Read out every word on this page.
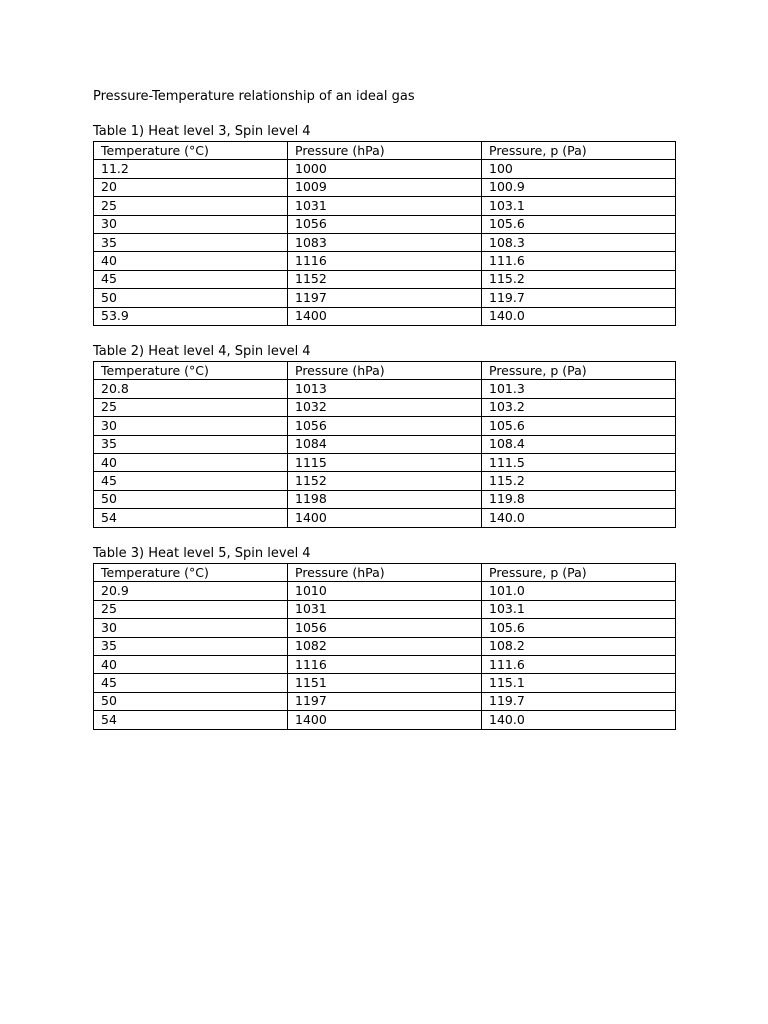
Pressure-Temperature relationship of an ideal gas
Table 1) Heat level 3, Spin level 4
Temperature (°C)	Pressure (hPa)	Pressure, p (Pa)
11.2	1000	100
20	1009	100.9
25	1031	103.1
30	1056	105.6
35	1083	108.3
40	1116	111.6
45	1152	115.2
50	1197	119.7
53.9	1400	140.0
Table 2) Heat level 4, Spin level 4
Temperature (°C)	Pressure (hPa)	Pressure, p (Pa)
20.8	1013	101.3
25	1032	103.2
30	1056	105.6
35	1084	108.4
40	1115	111.5
45	1152	115.2
50	1198	119.8
54	1400	140.0
Table 3) Heat level 5, Spin level 4
Temperature (°C)	Pressure (hPa)	Pressure, p (Pa)
20.9	1010	101.0
25	1031	103.1
30	1056	105.6
35	1082	108.2
40	1116	111.6
45	1151	115.1
50	1197	119.7
54	1400	140.0
